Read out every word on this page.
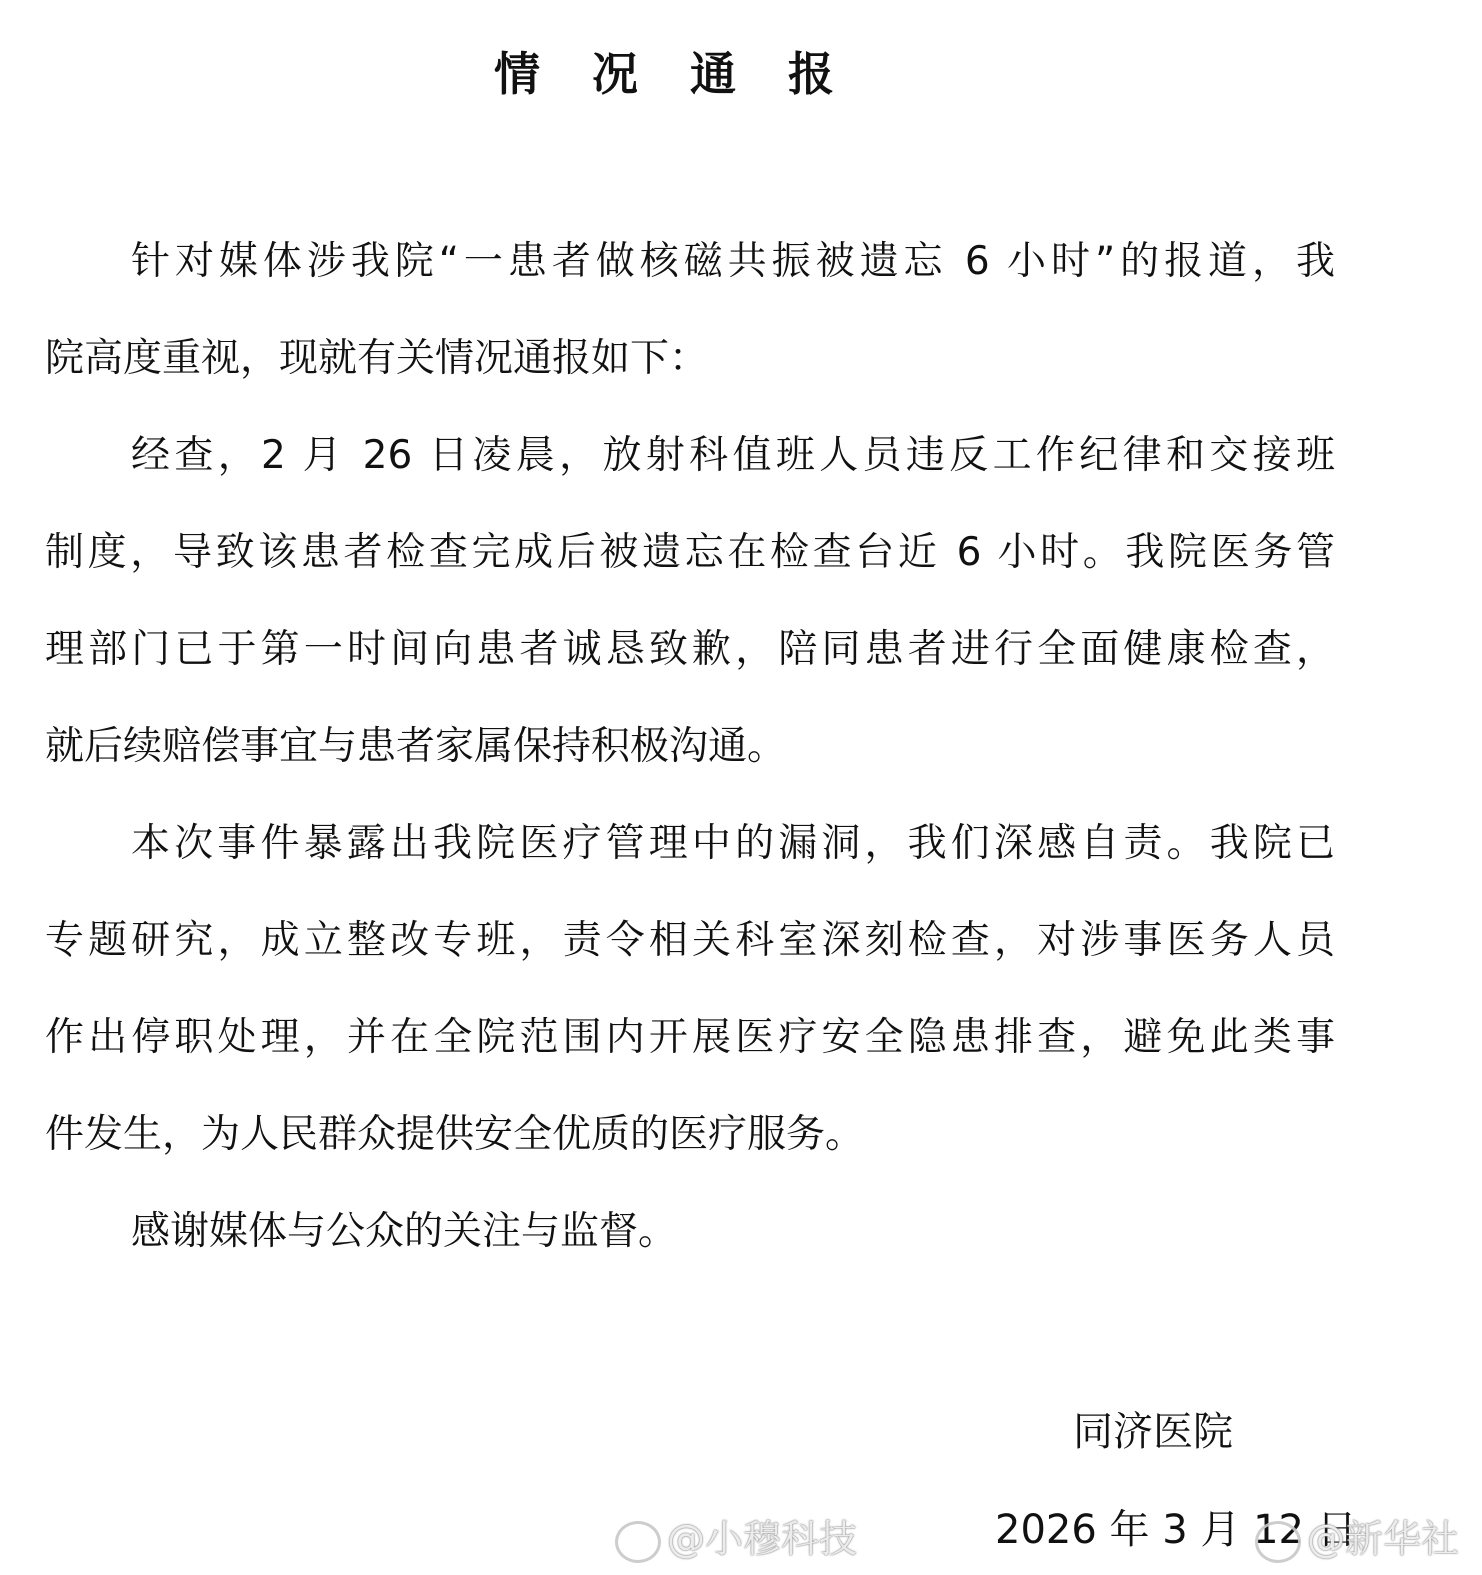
情况通报
针对媒体涉我院“一患者做核磁共振被遗忘 6 小时”的报道，我
院高度重视，现就有关情况通报如下：
经查，2 月 26 日凌晨，放射科值班人员违反工作纪律和交接班
制度，导致该患者检查完成后被遗忘在检查台近 6 小时。我院医务管
理部门已于第一时间向患者诚恳致歉，陪同患者进行全面健康检查，
就后续赔偿事宜与患者家属保持积极沟通。
本次事件暴露出我院医疗管理中的漏洞，我们深感自责。我院已
专题研究，成立整改专班，责令相关科室深刻检查，对涉事医务人员
作出停职处理，并在全院范围内开展医疗安全隐患排查，避免此类事
件发生，为人民群众提供安全优质的医疗服务。
感谢媒体与公众的关注与监督。
同济医院
2026 年 3 月 12 日
@小穆科技	@新华社
